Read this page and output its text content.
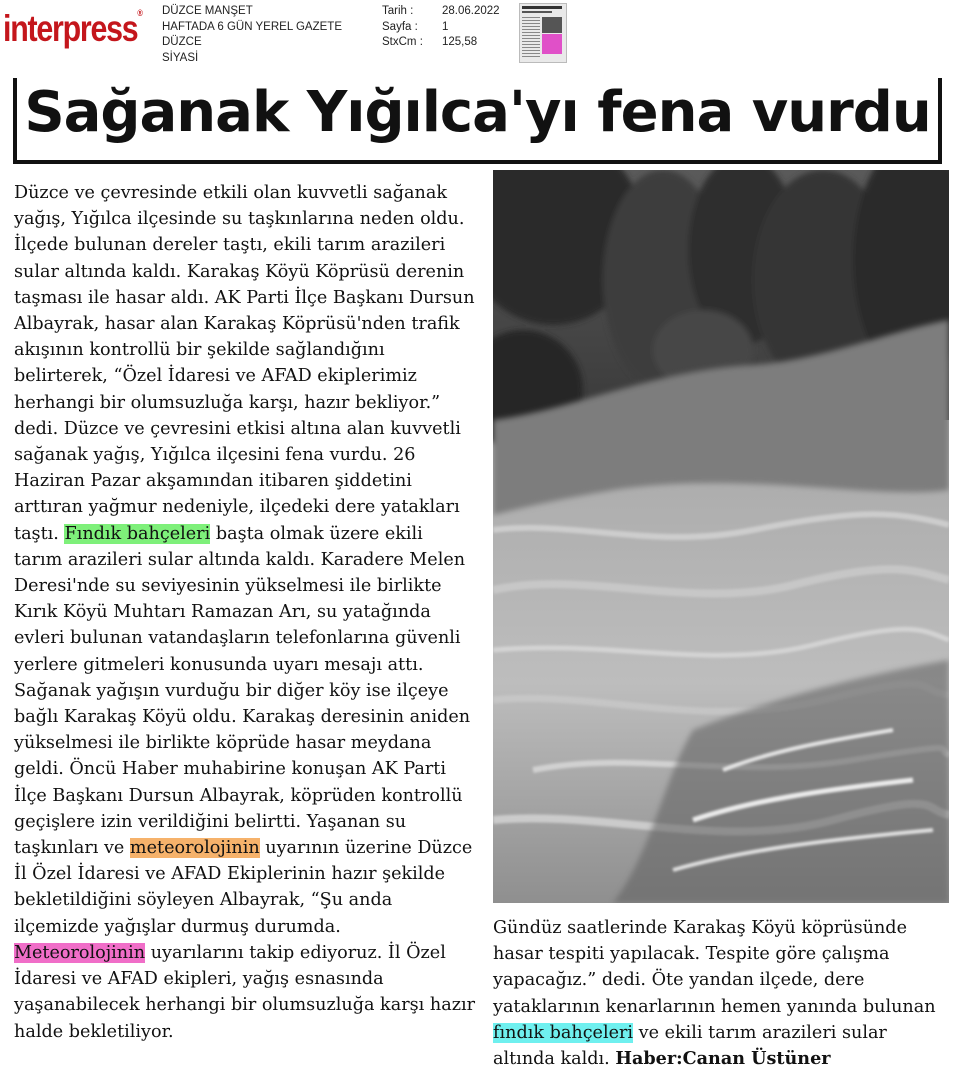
interpress® DÜZCE MANŞET
HAFTADA 6 GÜN YEREL GAZETE
DÜZCE
SİYASİ
Tarih :	28.06.2022
Sayfa :	1
StxCm :	125,58
Sağanak Yığılca'yı fena vurdu

Düzce ve çevresinde etkili olan kuvvetli sağanak yağış, Yığılca ilçesinde su taşkınlarına neden oldu. İlçede bulunan dereler taştı, ekili tarım arazileri sular altında kaldı. Karakaş Köyü Köprüsü derenin taşması ile hasar aldı. AK Parti İlçe Başkanı Dursun Albayrak, hasar alan Karakaş Köprüsü'nden trafik akışının kontrollü bir şekilde sağlandığını belirterek, “Özel İdaresi ve AFAD ekiplerimiz herhangi bir olumsuzluğa karşı, hazır bekliyor.” dedi. Düzce ve çevresini etkisi altına alan kuvvetli sağanak yağış, Yığılca ilçesini fena vurdu. 26 Haziran Pazar akşamından itibaren şiddetini arttıran yağmur nedeniyle, ilçedeki dere yatakları taştı. Fındık bahçeleri başta olmak üzere ekili tarım arazileri sular altında kaldı. Karadere Melen Deresi'nde su seviyesinin yükselmesi ile birlikte Kırık Köyü Muhtarı Ramazan Arı, su yatağında evleri bulunan vatandaşların telefonlarına güvenli yerlere gitmeleri konusunda uyarı mesajı attı.

Sağanak yağışın vurduğu bir diğer köy ise ilçeye bağlı Karakaş Köyü oldu. Karakaş deresinin aniden yükselmesi ile birlikte köprüde hasar meydana geldi. Öncü Haber muhabirine konuşan AK Parti İlçe Başkanı Dursun Albayrak, köprüden kontrollü geçişlere izin verildiğini belirtti. Yaşanan su taşkınları ve meteorolojinin uyarının üzerine Düzce İl Özel İdaresi ve AFAD Ekiplerinin hazır şekilde bekletildiğini söyleyen Albayrak, “Şu anda ilçemizde yağışlar durmuş durumda. Meteorolojinin uyarılarını takip ediyoruz. İl Özel İdaresi ve AFAD ekipleri, yağış esnasında yaşanabilecek herhangi bir olumsuzluğa karşı hazır halde bekletiliyor.

Gündüz saatlerinde Karakaş Köyü köprüsünde hasar tespiti yapılacak. Tespite göre çalışma yapacağız.” dedi. Öte yandan ilçede, dere yataklarının kenarlarının hemen yanında bulunan fındık bahçeleri ve ekili tarım arazileri sular altında kaldı. Haber:Canan Üstüner
